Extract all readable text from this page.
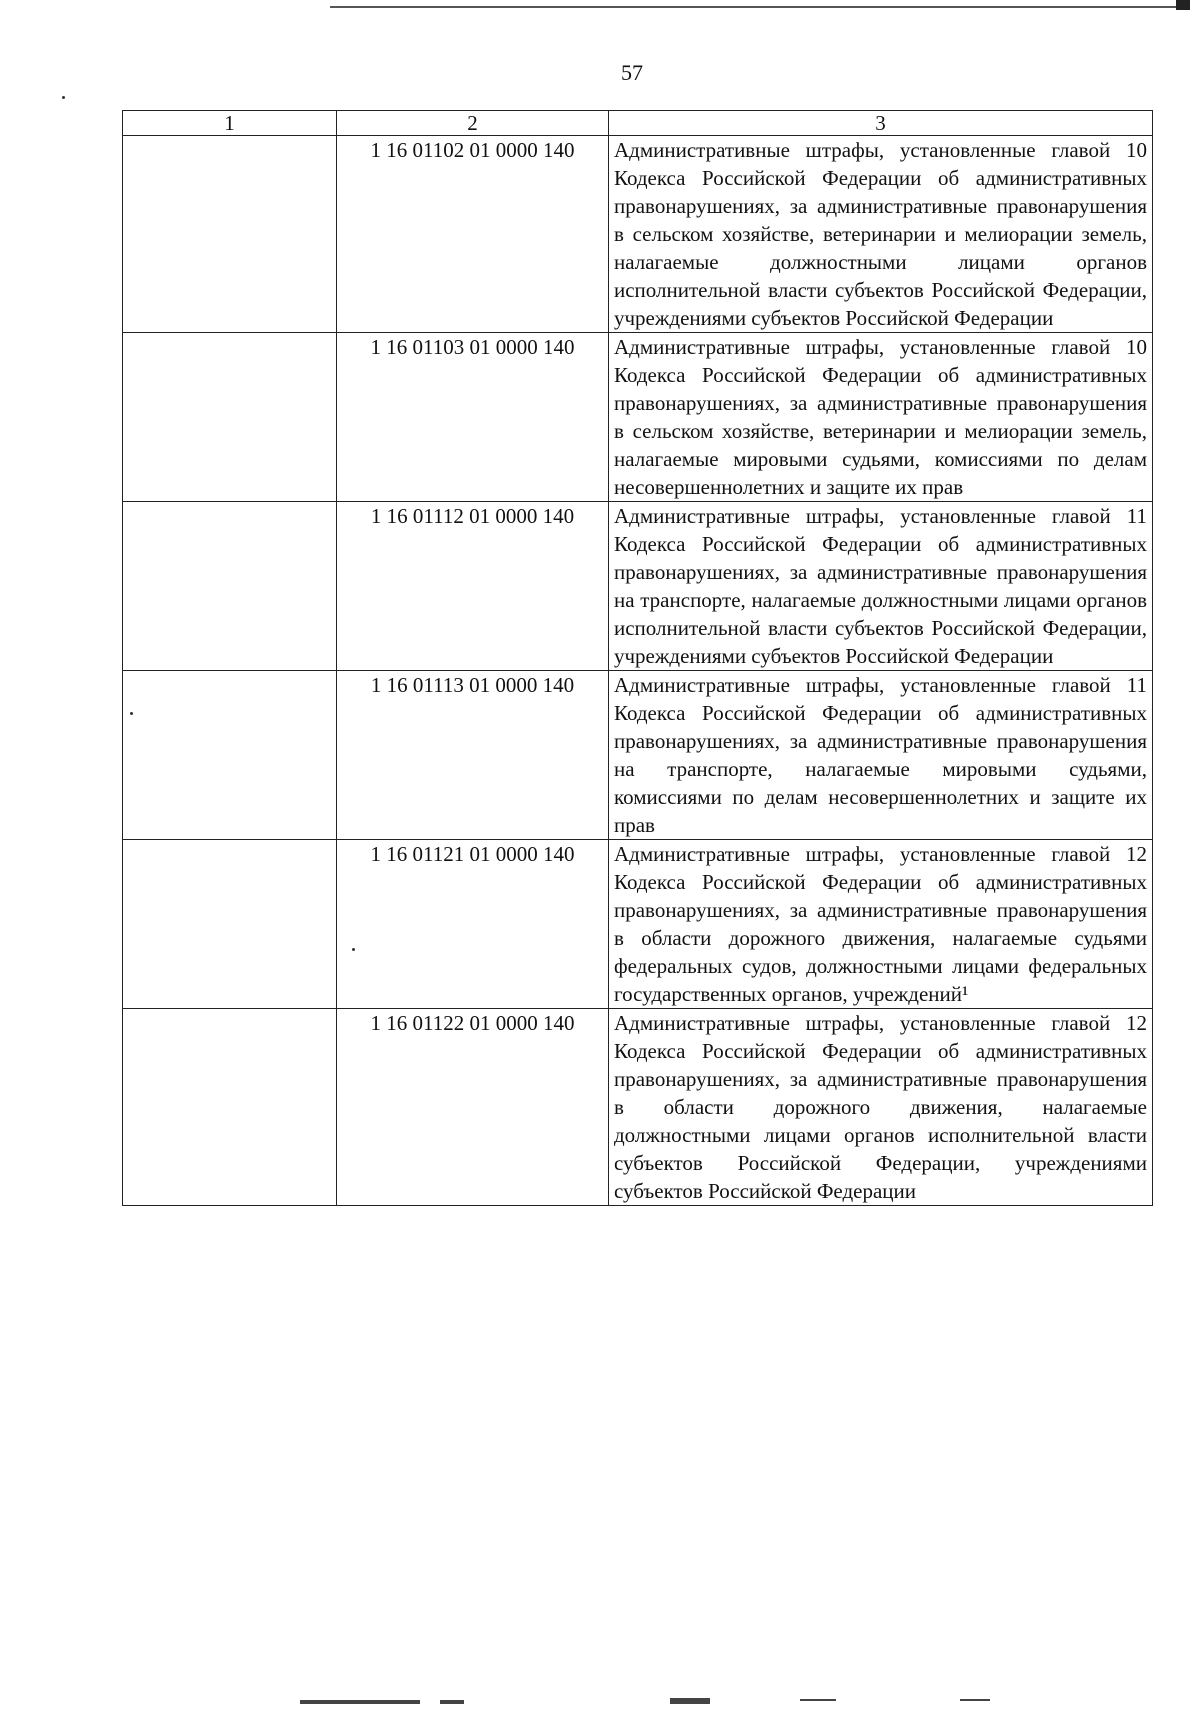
57
1	2	3
	1 16 01102 01 0000 140	Административные штрафы, установленные главой 10 Кодекса Российской Федерации об административных правонарушениях, за административные правонарушения в сельском хозяйстве, ветеринарии и мелиорации земель, налагаемые должностными лицами органов исполнительной власти субъектов Российской Федерации, учреждениями субъектов Российской Федерации
	1 16 01103 01 0000 140	Административные штрафы, установленные главой 10 Кодекса Российской Федерации об административных правонарушениях, за административные правонарушения в сельском хозяйстве, ветеринарии и мелиорации земель, налагаемые мировыми судьями, комиссиями по делам несовершеннолетних и защите их прав
	1 16 01112 01 0000 140	Административные штрафы, установленные главой 11 Кодекса Российской Федерации об административных правонарушениях, за административные правонарушения на транспорте, налагаемые должностными лицами органов исполнительной власти субъектов Российской Федерации, учреждениями субъектов Российской Федерации
	1 16 01113 01 0000 140	Административные штрафы, установленные главой 11 Кодекса Российской Федерации об административных правонарушениях, за административные правонарушения на транспорте, налагаемые мировыми судьями, комиссиями по делам несовершеннолетних и защите их прав
	1 16 01121 01 0000 140	Административные штрафы, установленные главой 12 Кодекса Российской Федерации об административных правонарушениях, за административные правонарушения в области дорожного движения, налагаемые судьями федеральных судов, должностными лицами федеральных государственных органов, учреждений¹
	1 16 01122 01 0000 140	Административные штрафы, установленные главой 12 Кодекса Российской Федерации об административных правонарушениях, за административные правонарушения в области дорожного движения, налагаемые должностными лицами органов исполнительной власти субъектов Российской Федерации, учреждениями субъектов Российской Федерации
